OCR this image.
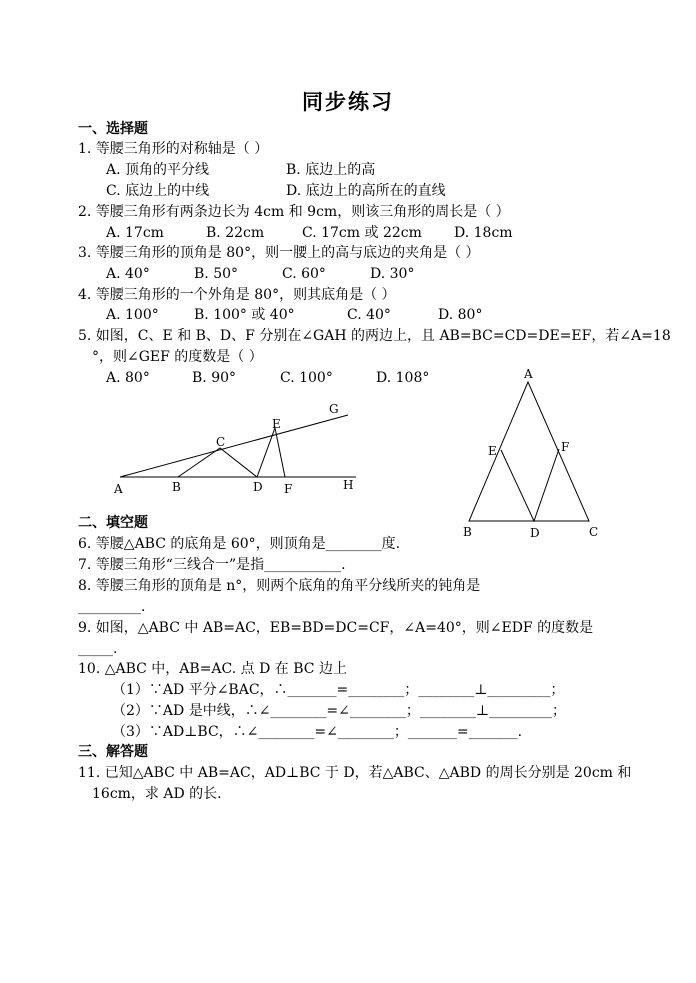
同步练习
一、选择题
1. 等腰三角形的对称轴是（ ）
A. 顶角的平分线	B. 底边上的高
C. 底边上的中线	D. 底边上的高所在的直线
2. 等腰三角形有两条边长为 4cm 和 9cm，则该三角形的周长是（ ）
A. 17cm	B. 22cm	C. 17cm 或 22cm D. 18cm
3. 等腰三角形的顶角是 80°，则一腰上的高与底边的夹角是（ ）
A. 40°	B. 50°	C. 60°	D. 30°
4. 等腰三角形的一个外角是 80°，则其底角是（ ）
A. 100°	B. 100° 或 40°	C. 40°	D. 80°
5. 如图，C、E 和 B、D、F 分别在∠GAH 的两边上，且 AB=BC=CD=DE=EF，若∠A=18
°，则∠GEF 的度数是（ ）
A. 80°	B. 90°	C. 100°	D. 108°
A	B
C
D
E
F
G
H
A
B	C
D
E	F
二、填空题
6. 等腰△ABC 的底角是 60°，则顶角是________度.
7. 等腰三角形“三线合一”是指___________.
8. 等腰三角形的顶角是 n°，则两个底角的角平分线所夹的钝角是
_________.
9. 如图，△ABC 中 AB=AC，EB=BD=DC=CF，∠A=40°，则∠EDF 的度数是
_____.
10. △ABC 中，AB=AC. 点 D 在 BC 边上
（1）∵AD 平分∠BAC，∴_______=________；________⊥_________；
（2）∵AD 是中线，∴∠________=∠________；________⊥_________；
（3）∵AD⊥BC，∴∠________=∠________；_______=_______.
三、解答题
11. 已知△ABC 中 AB=AC，AD⊥BC 于 D，若△ABC、△ABD 的周长分别是 20cm 和
16cm，求 AD 的长.
